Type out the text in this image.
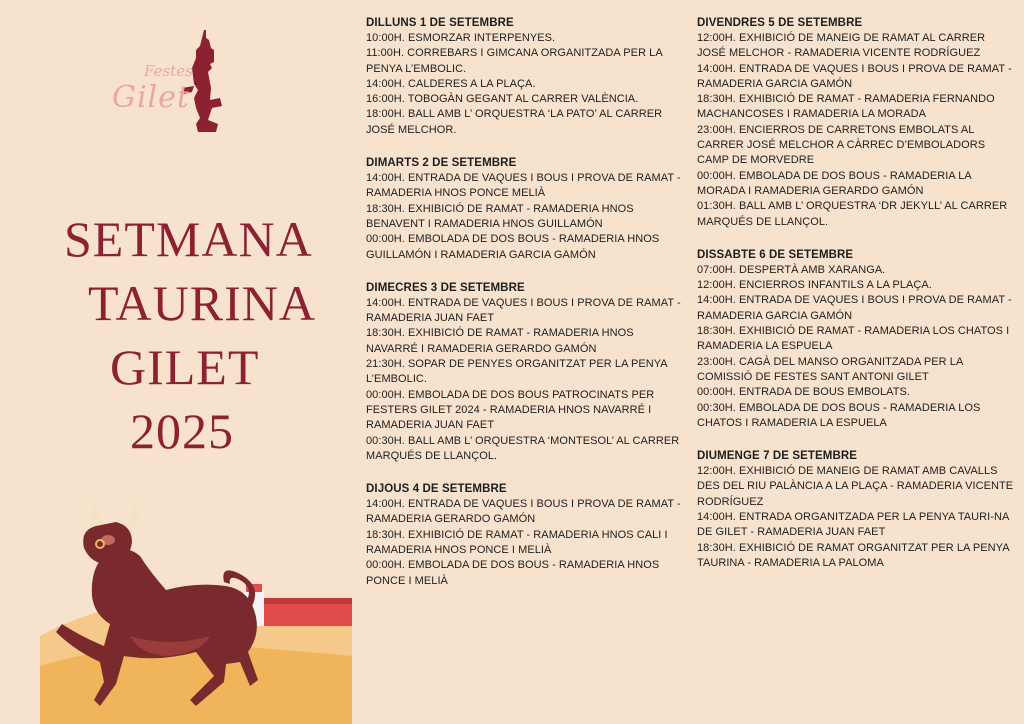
Festes
Gilet
SETMANA
TAURINA
GILET
2025
DILLUNS 1 DE SETEMBRE
10:00H. ESMORZAR INTERPENYES.
11:00H. CORREBARS I GIMCANA ORGANITZADA PER LA PENYA L’EMBOLIC.
14:00H. CALDERES A LA PLAÇA.
16:00H. TOBOGÀN GEGANT AL CARRER VALÈNCIA.
18:00H. BALL AMB L’ ORQUESTRA ‘LA PATO’ AL CARRER JOSÉ MELCHOR.
DIMARTS 2 DE SETEMBRE
14:00H. ENTRADA DE VAQUES I BOUS I PROVA DE RAMAT - RAMADERIA HNOS PONCE MELIÀ
18:30H. EXHIBICIÓ DE RAMAT - RAMADERIA HNOS BENAVENT I RAMADERIA HNOS GUILLAMÓN
00:00H. EMBOLADA DE DOS BOUS - RAMADERIA HNOS GUILLAMÓN I RAMADERIA GARCIA GAMÓN
DIMECRES 3 DE SETEMBRE
14:00H. ENTRADA DE VAQUES I BOUS I PROVA DE RAMAT - RAMADERIA JUAN FAET
18:30H. EXHIBICIÓ DE RAMAT - RAMADERIA HNOS NAVARRÉ I RAMADERIA GERARDO GAMÓN
21:30H. SOPAR DE PENYES ORGANITZAT PER LA PENYA L’EMBOLIC.
00:00H. EMBOLADA DE DOS BOUS PATROCINATS PER FESTERS GILET 2024 - RAMADERIA HNOS NAVARRÉ I RAMADERIA JUAN FAET
00:30H. BALL AMB L’ ORQUESTRA ‘MONTESOL’ AL CARRER MARQUÉS DE LLANÇOL.
DIJOUS 4 DE SETEMBRE
14:00H. ENTRADA DE VAQUES I BOUS I PROVA DE RAMAT - RAMADERIA GERARDO GAMÓN
18:30H. EXHIBICIÓ DE RAMAT - RAMADERIA HNOS CALI I RAMADERIA HNOS PONCE I MELIÀ
00:00H. EMBOLADA DE DOS BOUS - RAMADERIA HNOS PONCE I MELIÀ
DIVENDRES 5 DE SETEMBRE
12:00H. EXHIBICIÓ DE MANEIG DE RAMAT AL CARRER JOSÉ MELCHOR - RAMADERIA VICENTE RODRÍGUEZ
14:00H. ENTRADA DE VAQUES I BOUS I PROVA DE RAMAT - RAMADERIA GARCIA GAMÓN
18:30H. EXHIBICIÓ DE RAMAT - RAMADERIA FERNANDO MACHANCOSES I RAMADERIA LA MORADA
23:00H. ENCIERROS DE CARRETONS EMBOLATS AL CARRER JOSÉ MELCHOR A CÀRREC D’EMBOLADORS CAMP DE MORVEDRE
00:00H. EMBOLADA DE DOS BOUS - RAMADERIA LA MORADA I RAMADERIA GERARDO GAMÓN
01:30H. BALL AMB L’ ORQUESTRA ‘DR JEKYLL’ AL CARRER MARQUÉS DE LLANÇOL.
DISSABTE 6 DE SETEMBRE
07:00H. DESPERTÀ AMB XARANGA.
12:00H. ENCIERROS INFANTILS A LA PLAÇA.
14:00H. ENTRADA DE VAQUES I BOUS I PROVA DE RAMAT - RAMADERIA GARCIA GAMÓN
18:30H. EXHIBICIÓ DE RAMAT - RAMADERIA LOS CHATOS I RAMADERIA LA ESPUELA
23:00H. CAGÀ DEL MANSO ORGANITZADA PER LA COMISSIÓ DE FESTES SANT ANTONI GILET
00:00H. ENTRADA DE BOUS EMBOLATS.
00:30H. EMBOLADA DE DOS BOUS - RAMADERIA LOS CHATOS I RAMADERIA LA ESPUELA
DIUMENGE 7 DE SETEMBRE
12:00H. EXHIBICIÓ DE MANEIG DE RAMAT AMB CAVALLS DES DEL RIU PALÀNCIA A LA PLAÇA - RAMADERIA VICENTE RODRÍGUEZ
14:00H. ENTRADA ORGANITZADA PER LA PENYA TAURI-NA DE GILET - RAMADERIA JUAN FAET
18:30H. EXHIBICIÓ DE RAMAT ORGANITZAT PER LA PENYA TAURINA - RAMADERIA LA PALOMA
